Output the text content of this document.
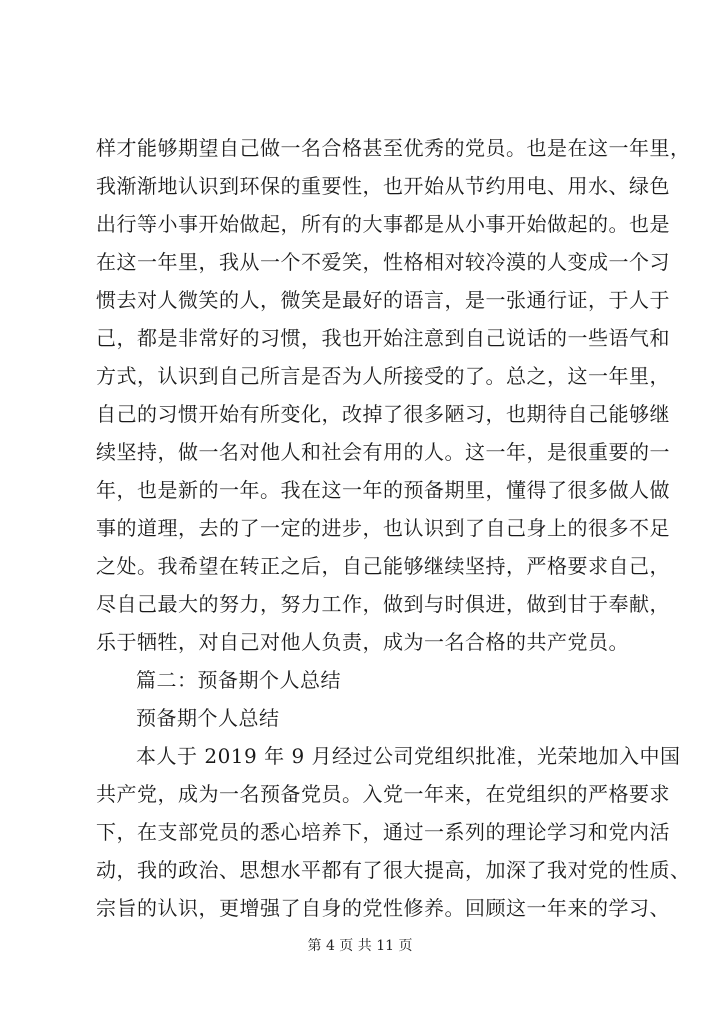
样才能够期望自己做一名合格甚至优秀的党员。也是在这一年里，
我渐渐地认识到环保的重要性，也开始从节约用电、用水、绿色
出行等小事开始做起，所有的大事都是从小事开始做起的。也是
在这一年里，我从一个不爱笑，性格相对较冷漠的人变成一个习
惯去对人微笑的人，微笑是最好的语言，是一张通行证，于人于
己，都是非常好的习惯，我也开始注意到自己说话的一些语气和
方式，认识到自己所言是否为人所接受的了。总之，这一年里，
自己的习惯开始有所变化，改掉了很多陋习，也期待自己能够继
续坚持，做一名对他人和社会有用的人。这一年，是很重要的一
年，也是新的一年。我在这一年的预备期里，懂得了很多做人做
事的道理，去的了一定的进步，也认识到了自己身上的很多不足
之处。我希望在转正之后，自己能够继续坚持，严格要求自己，
尽自己最大的努力，努力工作，做到与时俱进，做到甘于奉献，
乐于牺牲，对自己对他人负责，成为一名合格的共产党员。
篇二：预备期个人总结
预备期个人总结
本人于 2019 年 9 月经过公司党组织批准，光荣地加入中国
共产党，成为一名预备党员。入党一年来，在党组织的严格要求
下，在支部党员的悉心培养下，通过一系列的理论学习和党内活
动，我的政治、思想水平都有了很大提高，加深了我对党的性质、
宗旨的认识，更增强了自身的党性修养。回顾这一年来的学习、
第 4 页 共 11 页
